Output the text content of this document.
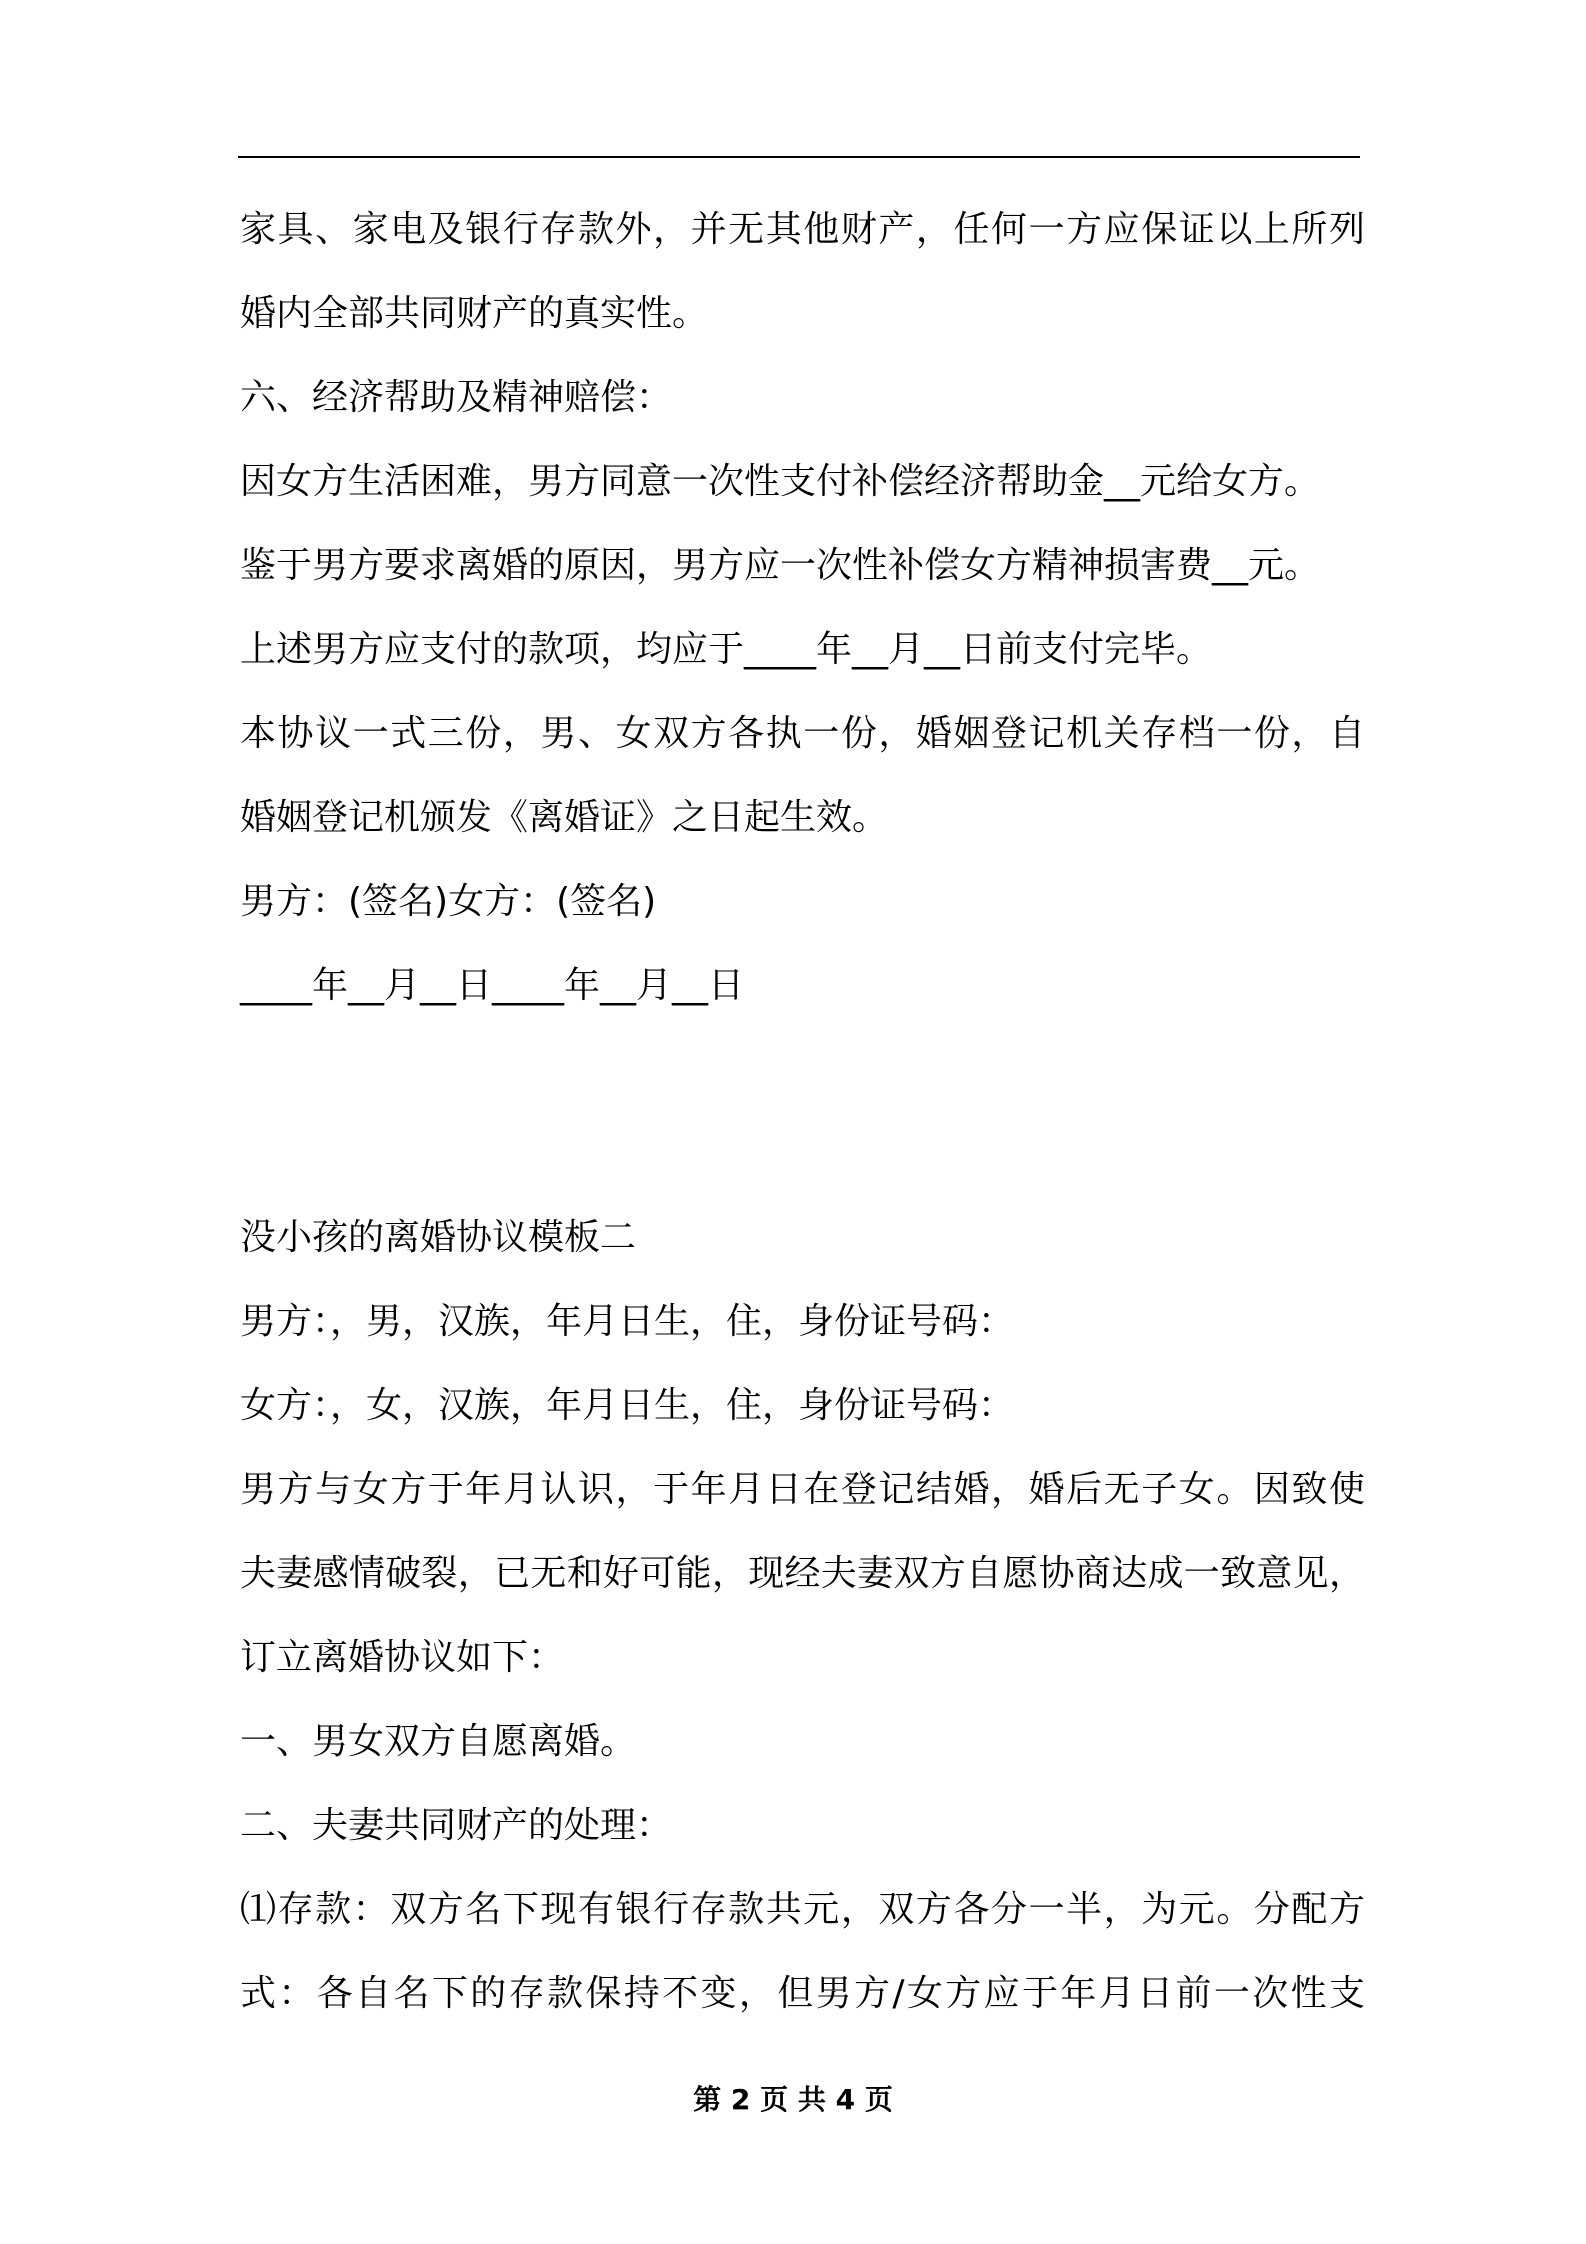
家具、家电及银行存款外，并无其他财产，任何一方应保证以上所列

婚内全部共同财产的真实性。

六、经济帮助及精神赔偿：

因女方生活困难，男方同意一次性支付补偿经济帮助金__元给女方。

鉴于男方要求离婚的原因，男方应一次性补偿女方精神损害费__元。

上述男方应支付的款项，均应于____年__月__日前支付完毕。

本协议一式三份，男、女双方各执一份，婚姻登记机关存档一份，自

婚姻登记机颁发《离婚证》之日起生效。

男方：(签名)女方：(签名)

____年__月__日____年__月__日

没小孩的离婚协议模板二

男方：，男，汉族，年月日生，住，身份证号码：

女方：，女，汉族，年月日生，住，身份证号码：

男方与女方于年月认识，于年月日在登记结婚，婚后无子女。因致使

夫妻感情破裂，已无和好可能，现经夫妻双方自愿协商达成一致意见，

订立离婚协议如下：

一、男女双方自愿离婚。

二、夫妻共同财产的处理：

⑴存款：双方名下现有银行存款共元，双方各分一半，为元。分配方

式：各自名下的存款保持不变，但男方/女方应于年月日前一次性支

第 2 页 共 4 页
